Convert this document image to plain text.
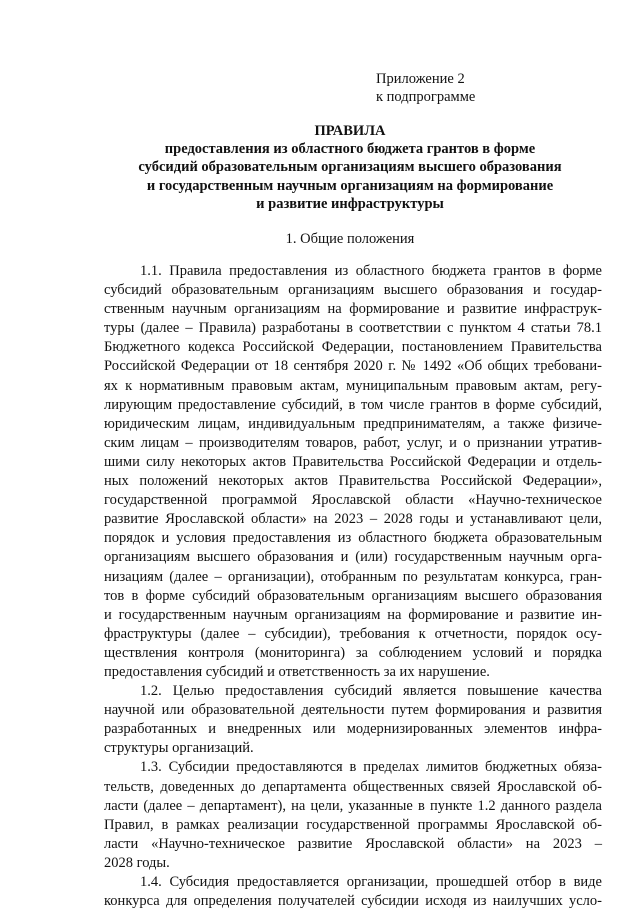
Приложение 2
к подпрограмме
ПРАВИЛА
предоставления из областного бюджета грантов в форме
субсидий образовательным организациям высшего образования
и государственным научным организациям на формирование
и развитие инфраструктуры
1. Общие положения

1.1. Правила предоставления из областного бюджета грантов в форме
субсидий образовательным организациям высшего образования и государ-
ственным научным организациям на формирование и развитие инфраструк-
туры (далее – Правила) разработаны в соответствии с пунктом 4 статьи 78.1
Бюджетного кодекса Российской Федерации, постановлением Правительства
Российской Федерации от 18 сентября 2020 г. № 1492 «Об общих требовани-
ях к нормативным правовым актам, муниципальным правовым актам, регу-
лирующим предоставление субсидий, в том числе грантов в форме субсидий,
юридическим лицам, индивидуальным предпринимателям, а также физиче-
ским лицам – производителям товаров, работ, услуг, и о признании утратив-
шими силу некоторых актов Правительства Российской Федерации и отдель-
ных положений некоторых актов Правительства Российской Федерации»,
государственной программой Ярославской области «Научно-техническое
развитие Ярославской области» на 2023 – 2028 годы и устанавливают цели,
порядок и условия предоставления из областного бюджета образовательным
организациям высшего образования и (или) государственным научным орга-
низациям (далее – организации), отобранным по результатам конкурса, гран-
тов в форме субсидий образовательным организациям высшего образования
и государственным научным организациям на формирование и развитие ин-
фраструктуры (далее – субсидии), требования к отчетности, порядок осу-
ществления контроля (мониторинга) за соблюдением условий и порядка
предоставления субсидий и ответственность за их нарушение.

1.2. Целью предоставления субсидий является повышение качества
научной или образовательной деятельности путем формирования и развития
разработанных и внедренных или модернизированных элементов инфра-
структуры организаций.

1.3. Субсидии предоставляются в пределах лимитов бюджетных обяза-
тельств, доведенных до департамента общественных связей Ярославской об-
ласти (далее – департамент), на цели, указанные в пункте 1.2 данного раздела
Правил, в рамках реализации государственной программы Ярославской об-
ласти «Научно-техническое развитие Ярославской области» на 2023 –
2028 годы.

1.4. Субсидия предоставляется организации, прошедшей отбор в виде
конкурса для определения получателей субсидии исходя из наилучших усло-
